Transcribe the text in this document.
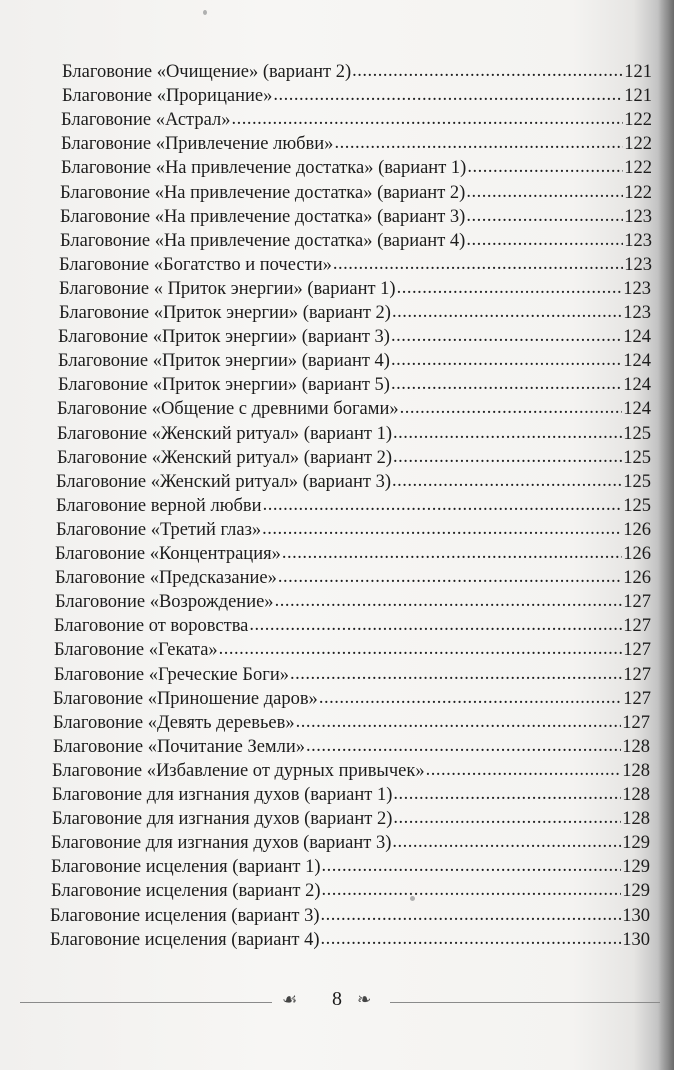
Благовоние «Очищение» (вариант 2) .....	121
Благовоние «Прорицание» .....	121
Благовоние «Астрал» .....	122
Благовоние «Привлечение любви» .....	122
Благовоние «На привлечение достатка» (вариант 1) .....	122
Благовоние «На привлечение достатка» (вариант 2) .....	122
Благовоние «На привлечение достатка» (вариант 3) .....	123
Благовоние «На привлечение достатка» (вариант 4) .....	123
Благовоние «Богатство и почести» .....	123
Благовоние « Приток энергии» (вариант 1) .....	123
Благовоние «Приток энергии» (вариант 2) .....	123
Благовоние «Приток энергии» (вариант 3) .....	124
Благовоние «Приток энергии» (вариант 4) .....	124
Благовоние «Приток энергии» (вариант 5) .....	124
Благовоние «Общение с древними богами» .....	124
Благовоние «Женский ритуал» (вариант 1) .....	125
Благовоние «Женский ритуал» (вариант 2) .....	125
Благовоние «Женский ритуал» (вариант 3) .....	125
Благовоние верной любви .....	125
Благовоние «Третий глаз» .....	126
Благовоние «Концентрация» .....	126
Благовоние «Предсказание» .....	126
Благовоние «Возрождение» .....	127
Благовоние от воровства .....	127
Благовоние «Геката» .....	127
Благовоние «Греческие Боги» .....	127
Благовоние «Приношение даров» .....	127
Благовоние «Девять деревьев» .....	127
Благовоние «Почитание Земли» .....	128
Благовоние «Избавление от дурных привычек» .....	128
Благовоние для изгнания духов (вариант 1) .....	128
Благовоние для изгнания духов (вариант 2) .....	128
Благовоние для изгнания духов (вариант 3) .....	129
Благовоние исцеления (вариант 1) .....	129
Благовоние исцеления (вариант 2) .....	129
Благовоние исцеления (вариант 3) .....	130
Благовоние исцеления (вариант 4) .....	130
☙	8 ❧
